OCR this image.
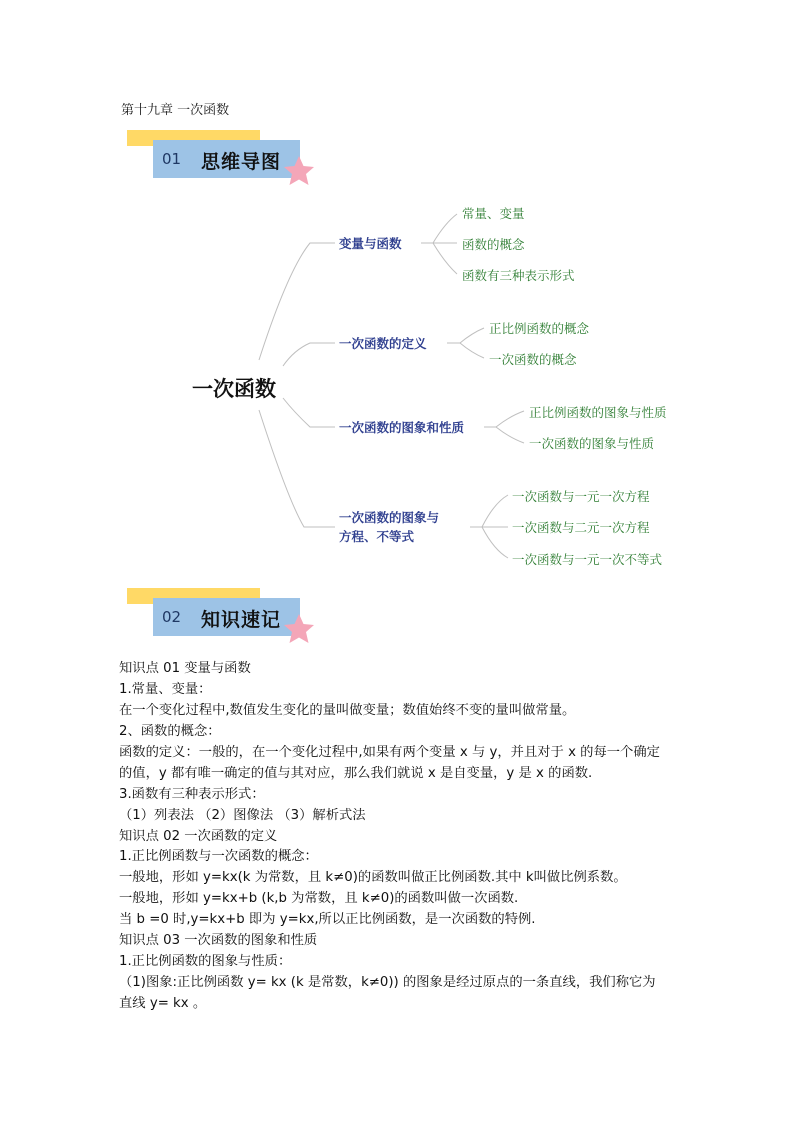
第十九章 一次函数
01 思维导图
一次函数
变量与函数
一次函数的定义
一次函数的图象和性质
一次函数的图象与
方程、不等式
常量、变量
函数的概念
函数有三种表示形式
正比例函数的概念
一次函数的概念
正比例函数的图象与性质
一次函数的图象与性质
一次函数与一元一次方程
一次函数与二元一次方程
一次函数与一元一次不等式
02 知识速记
知识点 01 变量与函数
1.常量、变量：
在一个变化过程中,数值发生变化的量叫做变量；数值始终不变的量叫做常量。
2、函数的概念：
函数的定义：一般的，在一个变化过程中,如果有两个变量 x 与 y，并且对于 x 的每一个确定
的值，y 都有唯一确定的值与其对应，那么我们就说 x 是自变量，y 是 x 的函数.
3.函数有三种表示形式：
（1）列表法 （2）图像法 （3）解析式法
知识点 02 一次函数的定义
1.正比例函数与一次函数的概念：
一般地，形如 y=kx(k 为常数，且 k≠0)的函数叫做正比例函数.其中 k叫做比例系数。
一般地，形如 y=kx+b (k,b 为常数，且 k≠0)的函数叫做一次函数.
当 b =0 时,y=kx+b 即为 y=kx,所以正比例函数，是一次函数的特例.
知识点 03 一次函数的图象和性质
1.正比例函数的图象与性质：
（1)图象:正比例函数 y= kx (k 是常数，k≠0)) 的图象是经过原点的一条直线，我们称它为
直线 y= kx 。
